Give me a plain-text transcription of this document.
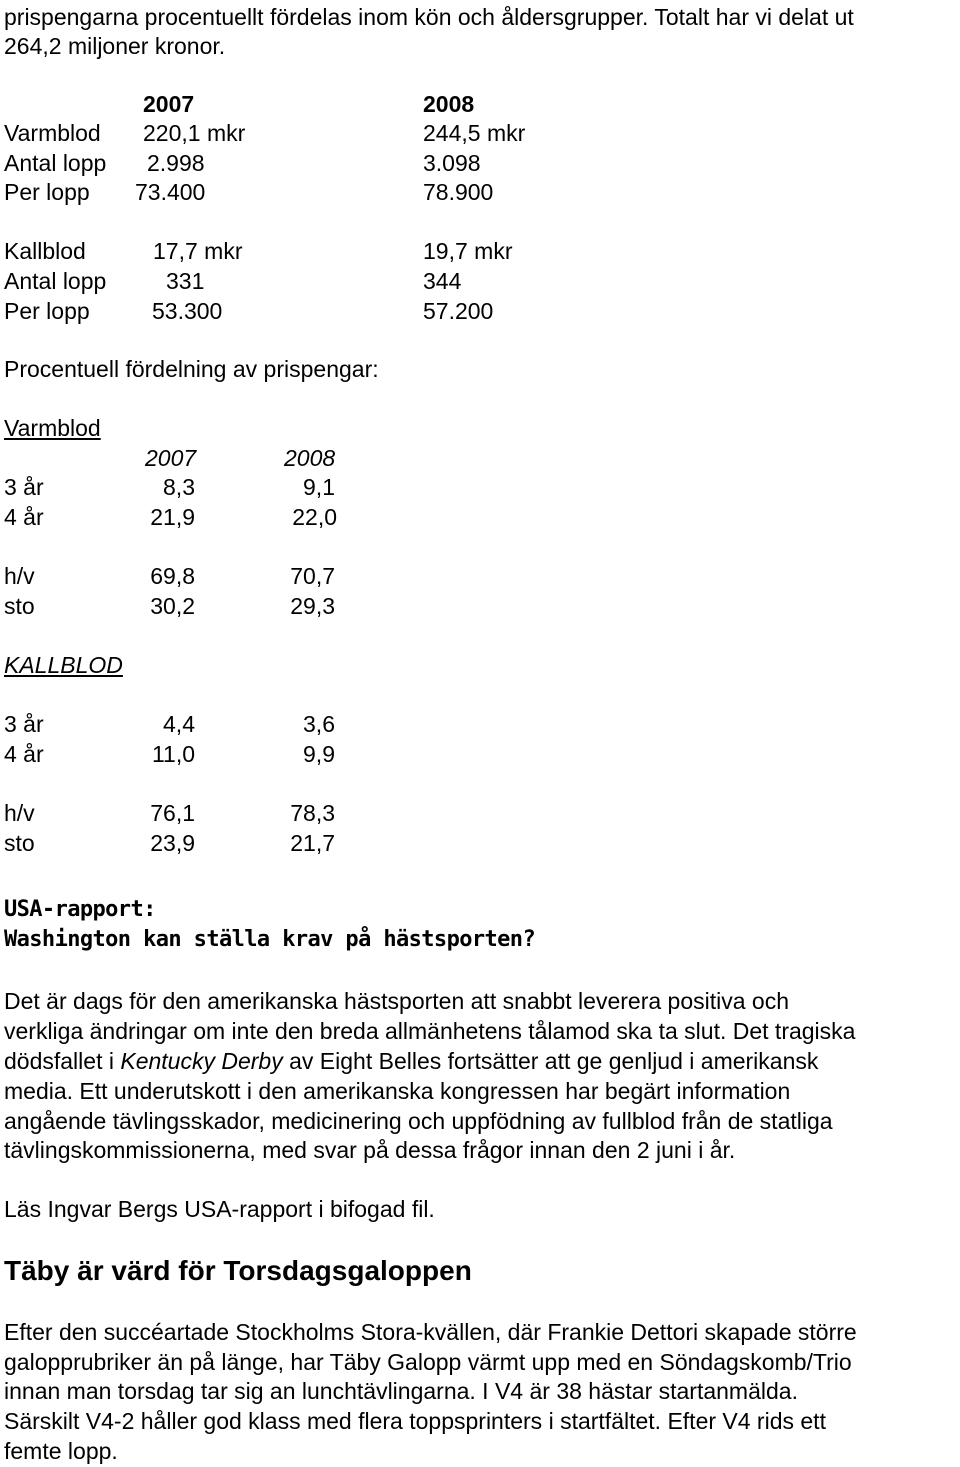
prispengarna procentuellt fördelas inom kön och åldersgrupper. Totalt har vi delat ut
264,2 miljoner kronor.
2007	2008
Varmblod 220,1 mkr	244,5 mkr
Antal lopp 2.998	3.098
Per lopp 73.400	78.900
Kallblod	17,7 mkr	19,7 mkr
Antal lopp	331	344
Per lopp	53.300	57.200
Procentuell fördelning av prispengar:
Varmblod
2007	2008
3 år	8,3	9,1
4 år	21,9	22,0
h/v	69,8	70,7
sto	30,2	29,3
KALLBLOD
3 år	4,4	3,6
4 år	11,0	9,9
h/v	76,1	78,3
sto	23,9	21,7
USA-rapport:
Washington kan ställa krav på hästsporten?
Det är dags för den amerikanska hästsporten att snabbt leverera positiva och
verkliga ändringar om inte den breda allmänhetens tålamod ska ta slut. Det tragiska
dödsfallet i Kentucky Derby av Eight Belles fortsätter att ge genljud i amerikansk
media. Ett underutskott i den amerikanska kongressen har begärt information
angående tävlingsskador, medicinering och uppfödning av fullblod från de statliga
tävlingskommissionerna, med svar på dessa frågor innan den 2 juni i år.
Läs Ingvar Bergs USA-rapport i bifogad fil.
Täby är värd för Torsdagsgaloppen
Efter den succéartade Stockholms Stora-kvällen, där Frankie Dettori skapade större
galopprubriker än på länge, har Täby Galopp värmt upp med en Söndagskomb/Trio
innan man torsdag tar sig an lunchtävlingarna. I V4 är 38 hästar startanmälda.
Särskilt V4-2 håller god klass med flera toppsprinters i startfältet. Efter V4 rids ett
femte lopp.
